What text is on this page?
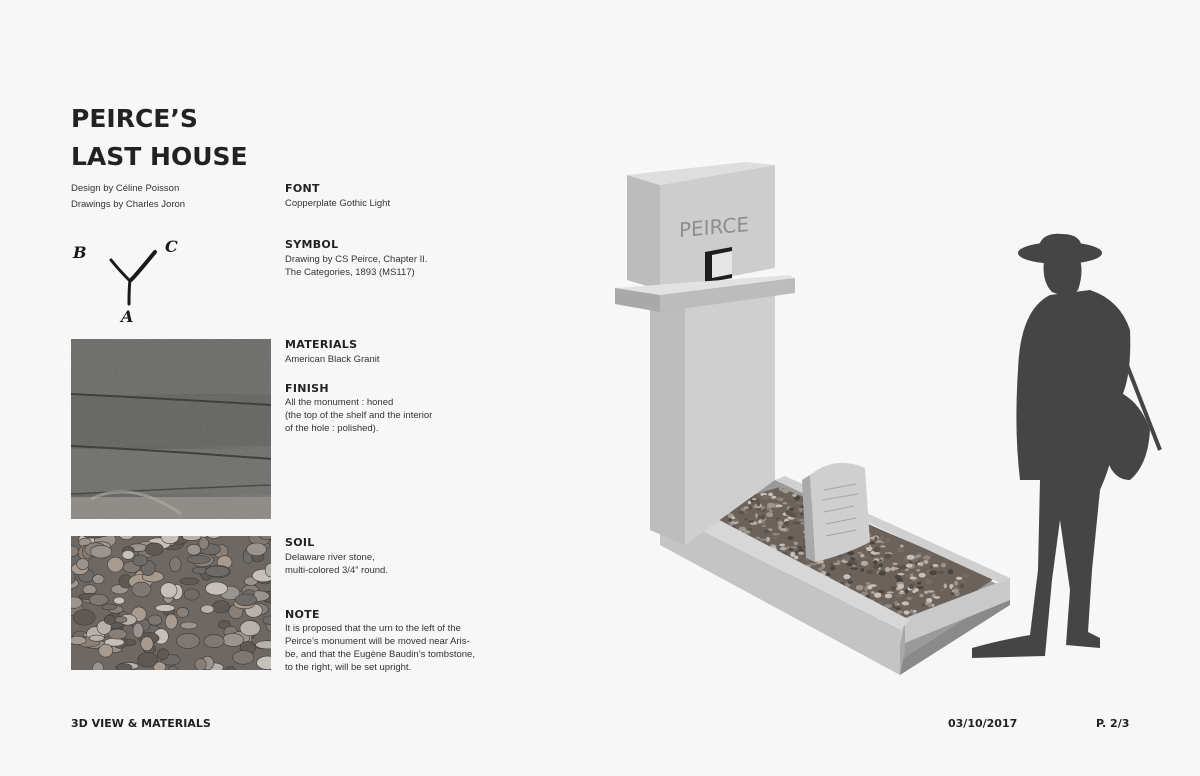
PEIRCE’S
LAST HOUSE
Design by Céline Poisson
Drawings by Charles Joron
B	C
A
FONT
Copperplate Gothic Light
SYMBOL
Drawing by CS Peirce, Chapter II.
The Categories, 1893 (MS117)
MATERIALS
American Black Granit
FINISH
All the monument : honed
(the top of the shelf and the interior
of the hole : polished).
SOIL
Delaware river stone,
multi-colored 3/4” round.
NOTE
It is proposed that the urn to the left of the
Peirce’s monument will be moved near Aris-
be, and that the Eugène Baudin’s tombstone,
to the right, will be set upright.
PEIRCE
3D VIEW & MATERIALS	03/10/2017	P. 2/3
